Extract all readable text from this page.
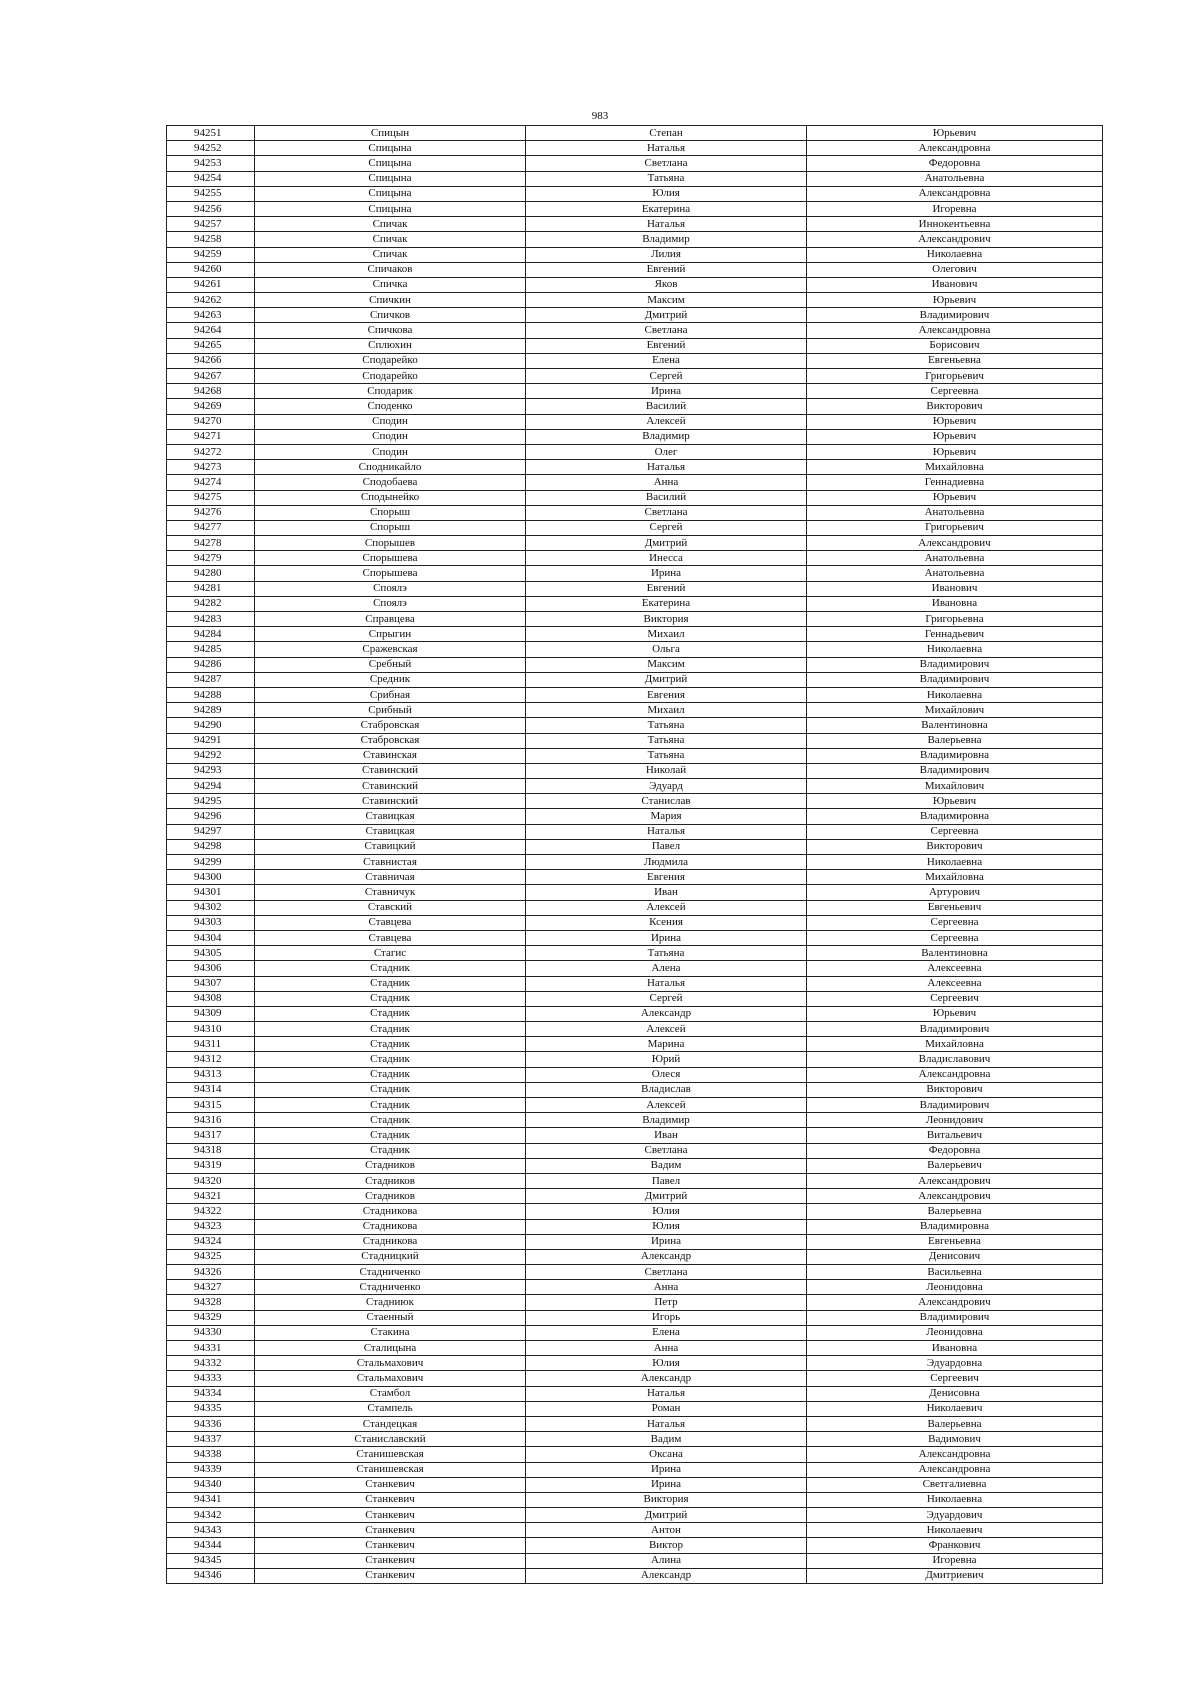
983
94251	Спицын	Степан	Юрьевич
94252	Спицына	Наталья	Александровна
94253	Спицына	Светлана	Федоровна
94254	Спицына	Татьяна	Анатольевна
94255	Спицына	Юлия	Александровна
94256	Спицына	Екатерина	Игоревна
94257	Спичак	Наталья	Иннокентьевна
94258	Спичак	Владимир	Александрович
94259	Спичак	Лилия	Николаевна
94260	Спичаков	Евгений	Олегович
94261	Спичка	Яков	Иванович
94262	Спичкин	Максим	Юрьевич
94263	Спичков	Дмитрий	Владимирович
94264	Спичкова	Светлана	Александровна
94265	Сплюхин	Евгений	Борисович
94266	Сподарейко	Елена	Евгеньевна
94267	Сподарейко	Сергей	Григорьевич
94268	Сподарик	Ирина	Сергеевна
94269	Споденко	Василий	Викторович
94270	Сподин	Алексей	Юрьевич
94271	Сподин	Владимир	Юрьевич
94272	Сподин	Олег	Юрьевич
94273	Сподникайло	Наталья	Михайловна
94274	Сподобаева	Анна	Геннадиевна
94275	Сподынейко	Василий	Юрьевич
94276	Спорыш	Светлана	Анатольевна
94277	Спорыш	Сергей	Григорьевич
94278	Спорышев	Дмитрий	Александрович
94279	Спорышева	Инесса	Анатольевна
94280	Спорышева	Ирина	Анатольевна
94281	Споялэ	Евгений	Иванович
94282	Споялэ	Екатерина	Ивановна
94283	Справцева	Виктория	Григорьевна
94284	Спрыгин	Михаил	Геннадьевич
94285	Сражевская	Ольга	Николаевна
94286	Сребный	Максим	Владимирович
94287	Средник	Дмитрий	Владимирович
94288	Срибная	Евгения	Николаевна
94289	Срибный	Михаил	Михайлович
94290	Стабровская	Татьяна	Валентиновна
94291	Стабровская	Татьяна	Валерьевна
94292	Ставинская	Татьяна	Владимировна
94293	Ставинский	Николай	Владимирович
94294	Ставинский	Эдуард	Михайлович
94295	Ставинский	Станислав	Юрьевич
94296	Ставицкая	Мария	Владимировна
94297	Ставицкая	Наталья	Сергеевна
94298	Ставицкий	Павел	Викторович
94299	Ставнистая	Людмила	Николаевна
94300	Ставничая	Евгения	Михайловна
94301	Ставничук	Иван	Артурович
94302	Ставский	Алексей	Евгеньевич
94303	Ставцева	Ксения	Сергеевна
94304	Ставцева	Ирина	Сергеевна
94305	Стагис	Татьяна	Валентиновна
94306	Стадник	Алена	Алексеевна
94307	Стадник	Наталья	Алексеевна
94308	Стадник	Сергей	Сергеевич
94309	Стадник	Александр	Юрьевич
94310	Стадник	Алексей	Владимирович
94311	Стадник	Марина	Михайловна
94312	Стадник	Юрий	Владиславович
94313	Стадник	Олеся	Александровна
94314	Стадник	Владислав	Викторович
94315	Стадник	Алексей	Владимирович
94316	Стадник	Владимир	Леонидович
94317	Стадник	Иван	Витальевич
94318	Стадник	Светлана	Федоровна
94319	Стадников	Вадим	Валерьевич
94320	Стадников	Павел	Александрович
94321	Стадников	Дмитрий	Александрович
94322	Стадникова	Юлия	Валерьевна
94323	Стадникова	Юлия	Владимировна
94324	Стадникова	Ирина	Евгеньевна
94325	Стадницкий	Александр	Денисович
94326	Стадниченко	Светлана	Васильевна
94327	Стадниченко	Анна	Леонидовна
94328	Стадниюк	Петр	Александрович
94329	Стаенный	Игорь	Владимирович
94330	Стакина	Елена	Леонидовна
94331	Сталицына	Анна	Ивановна
94332	Стальмахович	Юлия	Эдуардовна
94333	Стальмахович	Александр	Сергеевич
94334	Стамбол	Наталья	Денисовна
94335	Стампель	Роман	Николаевич
94336	Стандецкая	Наталья	Валерьевна
94337	Станиславский	Вадим	Вадимович
94338	Станишевская	Оксана	Александровна
94339	Станишевская	Ирина	Александровна
94340	Станкевич	Ирина	Светгалиевна
94341	Станкевич	Виктория	Николаевна
94342	Станкевич	Дмитрий	Эдуардович
94343	Станкевич	Антон	Николаевич
94344	Станкевич	Виктор	Франкович
94345	Станкевич	Алина	Игоревна
94346	Станкевич	Александр	Дмитриевич
